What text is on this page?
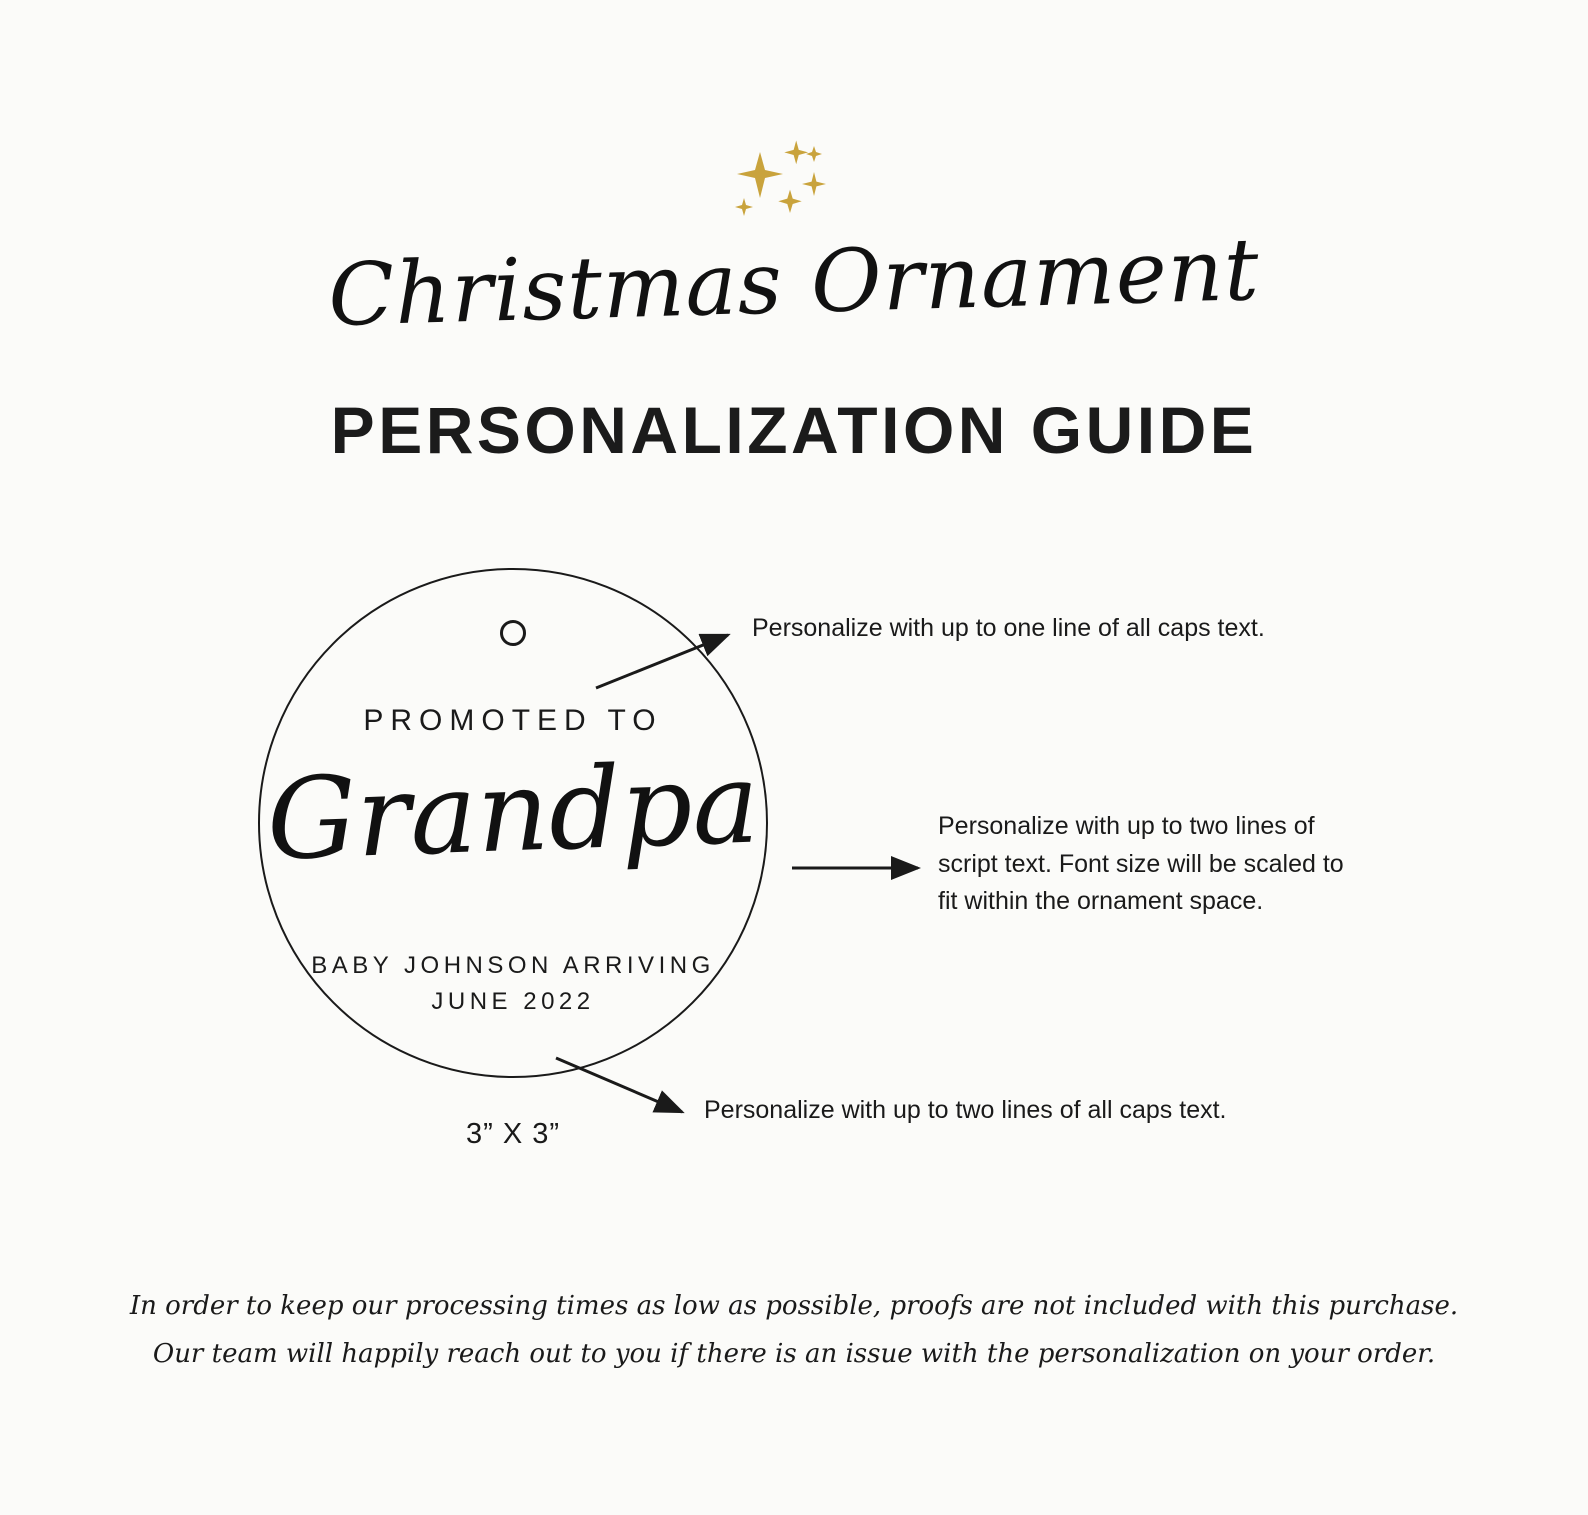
Christmas Ornament
PERSONALIZATION GUIDE
PROMOTED TO
Grandpa
BABY JOHNSON ARRIVING
JUNE 2022
3” X 3”
Personalize with up to one line of all caps text.
Personalize with up to two lines of script text. Font size will be scaled to fit within the ornament space.
Personalize with up to two lines of all caps text.
In order to keep our processing times as low as possible, proofs are not included with this purchase.
Our team will happily reach out to you if there is an issue with the personalization on your order.
